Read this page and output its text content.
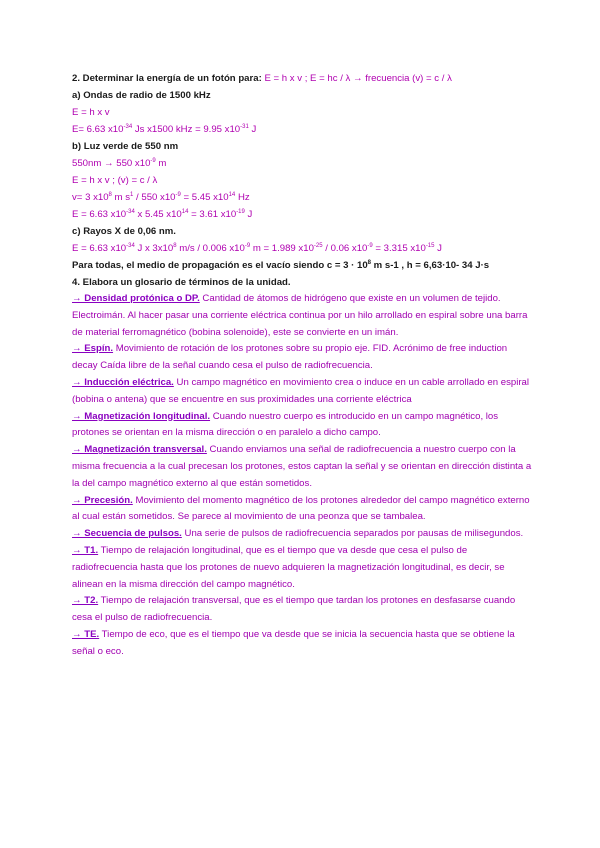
2. Determinar la energía de un fotón para: E = h x v ; E = hc / λ → frecuencia (v) = c / λ
a) Ondas de radio de 1500 kHz
E = h x v
E= 6.63 $x10^{-34}$ Js x1500 kHz = 9.95 $x10^{-31}$ J
b) Luz verde de 550 nm
550nm → 550 $x10^{-9}$ m
E = h x v ; (v) = c / λ
v= 3 $x10^8$ m $s^1 / 550$ $x10^{-9} = 5.45$ $x10^{14}$ Hz
E = 6.63 $x10^{-34}$ x 5.45 $x10^{14} = 3.61$ $x10^{-19}$ J
c) Rayos X de 0,06 nm.
E = 6.63 $x10^{-34}$ J x $3x10^8$ m/s / 0.006 $x10^{-9}$ m = 1.989 $x10^{-25} / 0.06$ $x10^{-9} = 3.315$ $x10^{-15}$ J
Para todas, el medio de propagación es el vacío siendo $c = 3 \cdot 10^8$ m s-1 , h = 6,63·10- 34 J·s
4. Elabora un glosario de términos de la unidad.

→ Densidad protónica o DP. Cantidad de átomos de hidrógeno que existe en un volumen de tejido. Electroimán. Al hacer pasar una corriente eléctrica continua por un hilo arrollado en espiral sobre una barra de material ferromagnético (bobina solenoide), este se convierte en un imán.

→ Espín. Movimiento de rotación de los protones sobre su propio eje. FID. Acrónimo de free induction decay Caída libre de la señal cuando cesa el pulso de radiofrecuencia.

→ Inducción eléctrica. Un campo magnético en movimiento crea o induce en un cable arrollado en espiral (bobina o antena) que se encuentre en sus proximidades una corriente eléctrica

→ Magnetización longitudinal. Cuando nuestro cuerpo es introducido en un campo magnético, los protones se orientan en la misma dirección o en paralelo a dicho campo.

→ Magnetización transversal. Cuando enviamos una señal de radiofrecuencia a nuestro cuerpo con la misma frecuencia a la cual precesan los protones, estos captan la señal y se orientan en dirección distinta a la del campo magnético externo al que están sometidos.

→ Precesión. Movimiento del momento magnético de los protones alrededor del campo magnético externo al cual están sometidos. Se parece al movimiento de una peonza que se tambalea.

→ Secuencia de pulsos. Una serie de pulsos de radiofrecuencia separados por pausas de milisegundos.

→ T1. Tiempo de relajación longitudinal, que es el tiempo que va desde que cesa el pulso de radiofrecuencia hasta que los protones de nuevo adquieren la magnetización longitudinal, es decir, se alinean en la misma dirección del campo magnético.

→ T2. Tiempo de relajación transversal, que es el tiempo que tardan los protones en desfasarse cuando cesa el pulso de radiofrecuencia.

→ TE. Tiempo de eco, que es el tiempo que va desde que se inicia la secuencia hasta que se obtiene la señal o eco.
